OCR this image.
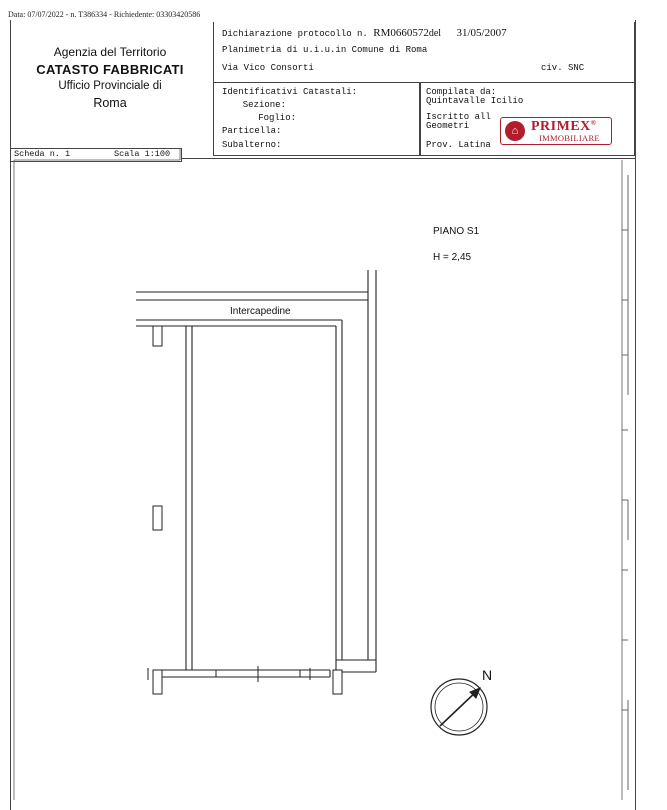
Data: 07/07/2022 - n. T386334 - Richiedente: 03303420586
Agenzia del Territorio
CATASTO FABBRICATI
Ufficio Provinciale di
Roma
Dichiarazione protocollo n. RM0660572del 31/05/2007
Planimetria di u.i.u.in Comune di Roma
Via Vico Consorti	civ. SNC
Identificativi Catastali:
Sezione:
Foglio:
Particella:
Subalterno:
Compilata da:
Quintavalle Icilio
Iscritto all
Geometri
Prov. Latina
⌂ PRIMEX®
IMMOBILIARE
Scheda n. 1	Scala 1:100
PIANO S1
H = 2,45
Intercapedine
N
